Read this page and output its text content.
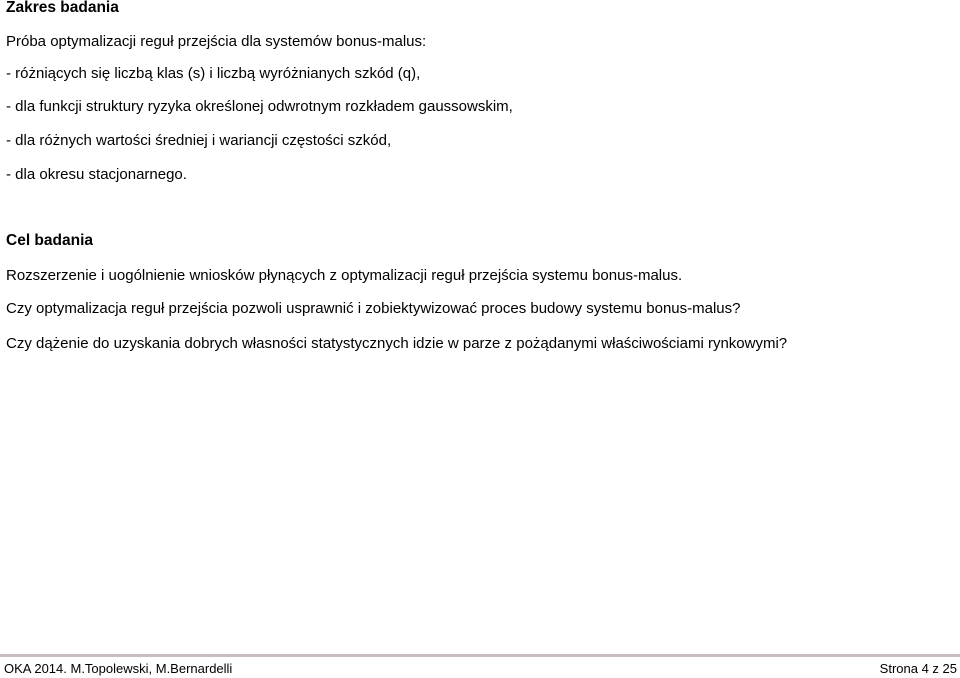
Zakres badania
Próba optymalizacji reguł przejścia dla systemów bonus-malus:
- różniących się liczbą klas (s) i liczbą wyróżnianych szkód (q),
- dla funkcji struktury ryzyka określonej odwrotnym rozkładem gaussowskim,
- dla różnych wartości średniej i wariancji częstości szkód,
- dla okresu stacjonarnego.
Cel badania
Rozszerzenie i uogólnienie wniosków płynących z optymalizacji reguł przejścia systemu bonus-malus.
Czy optymalizacja reguł przejścia pozwoli usprawnić i zobiektywizować proces budowy systemu bonus-malus?
Czy dążenie do uzyskania dobrych własności statystycznych idzie w parze z pożądanymi właściwościami rynkowymi?
OKA 2014. M.Topolewski, M.Bernardelli	Strona 4 z 25
